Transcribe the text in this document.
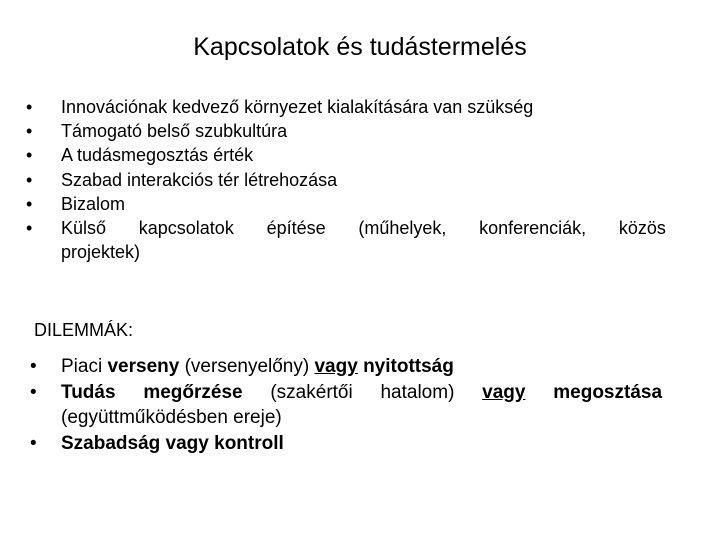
Kapcsolatok és tudástermelés
• Innovációnak kedvező környezet kialakítására van szükség
• Támogató belső szubkultúra
• A tudásmegosztás érték
• Szabad interakciós tér létrehozása
• Bizalom
• Külső kapcsolatok építése (műhelyek, konferenciák, közös
projektek)
DILEMMÁK:
• Piaci verseny (versenyelőny) vagy nyitottság
• Tudás megőrzése (szakértői hatalom) vagy megosztása
(együttműködésben ereje)
• Szabadság vagy kontroll
